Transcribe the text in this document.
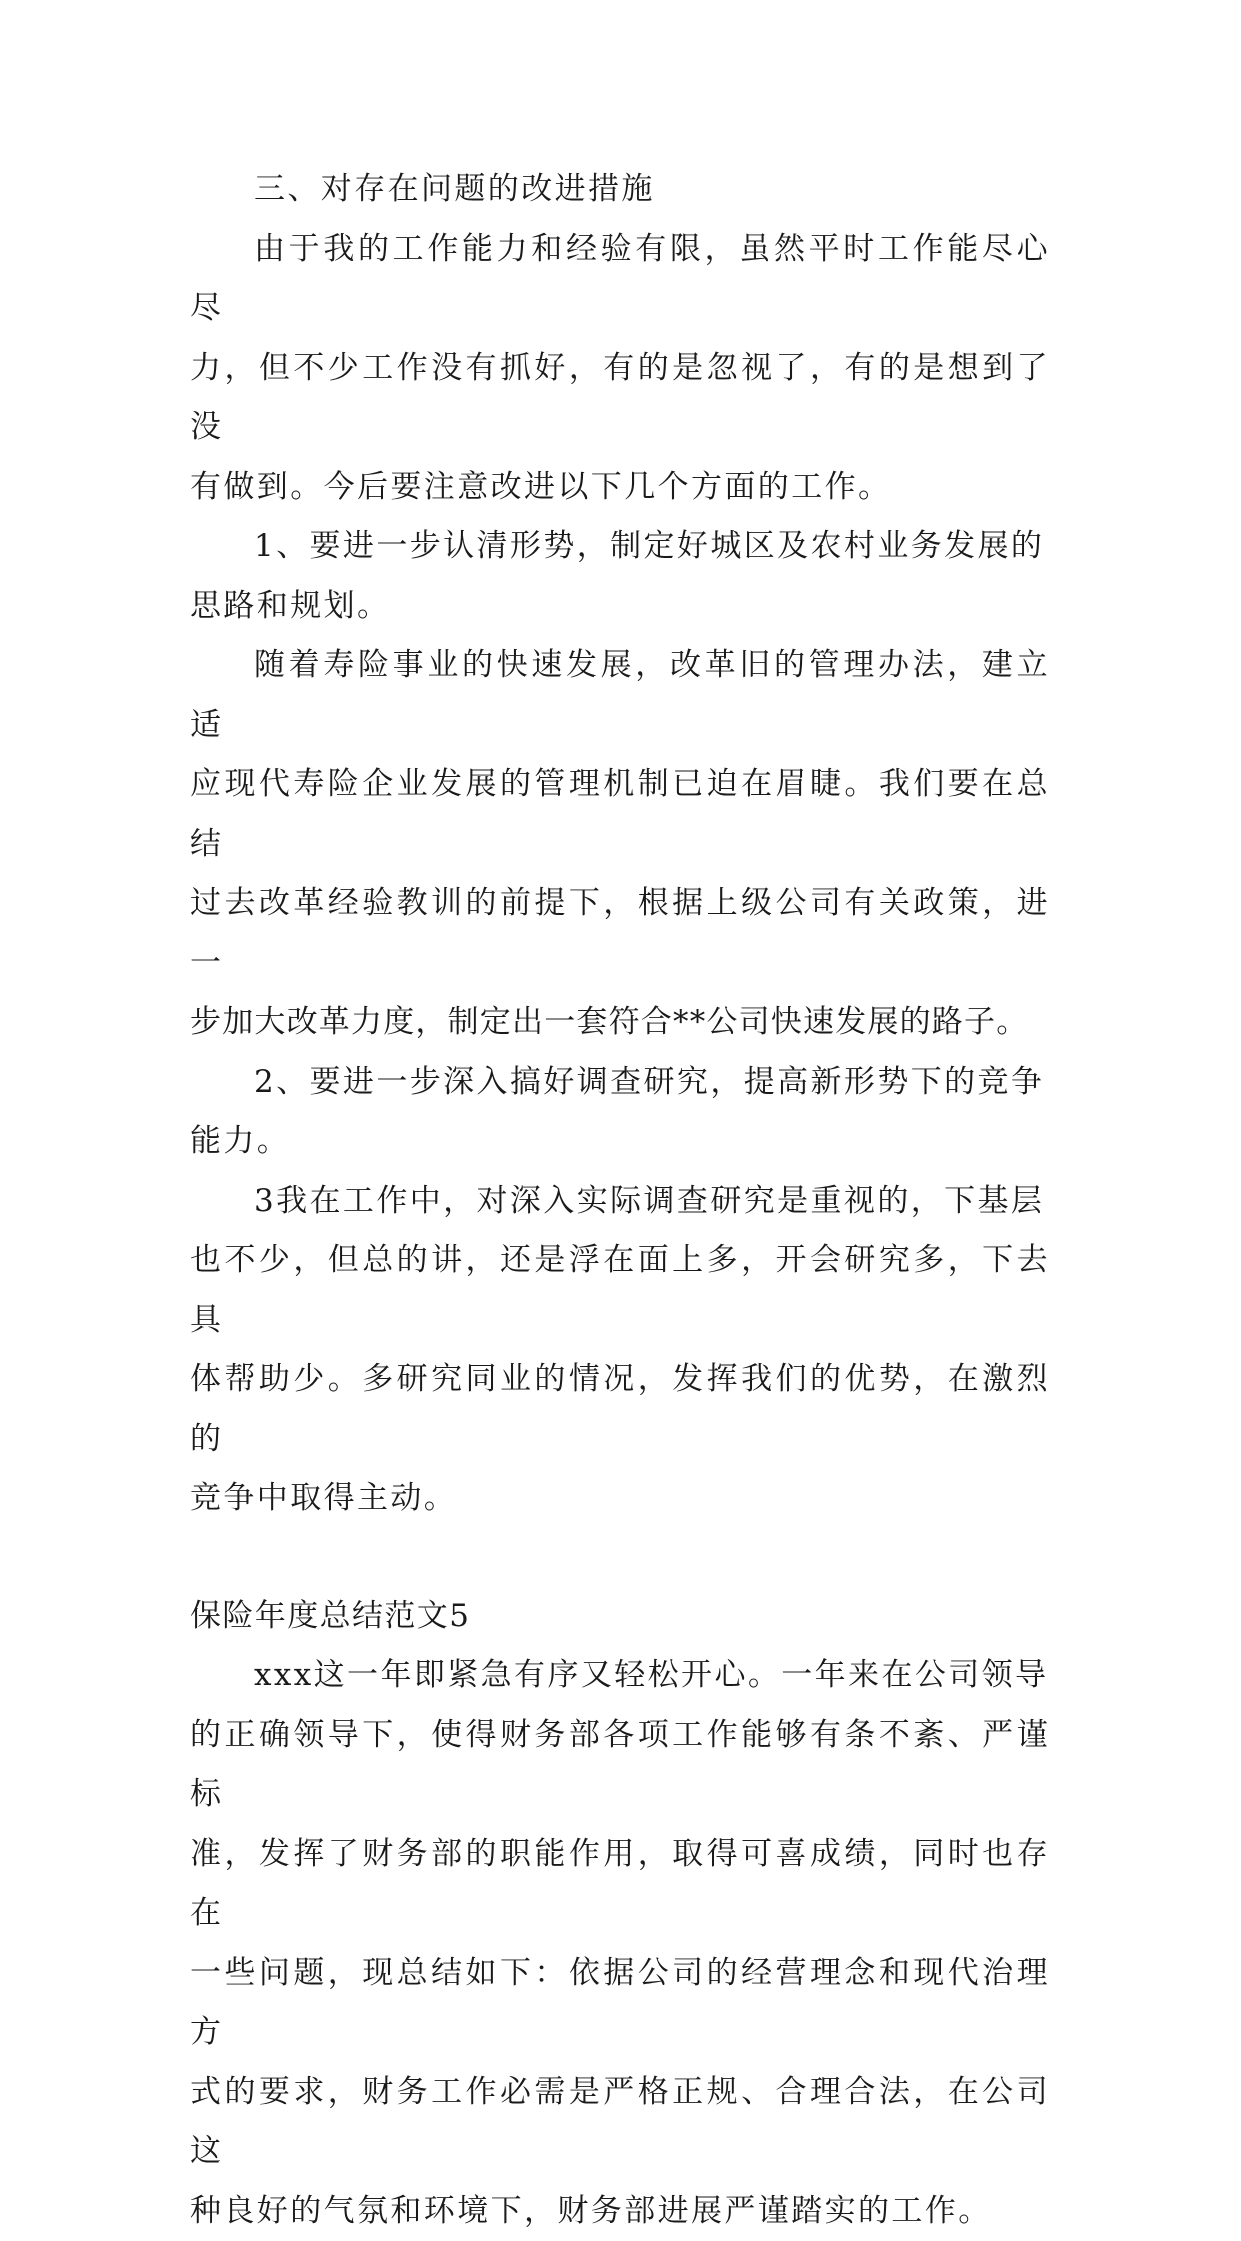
三、对存在问题的改进措施

由于我的工作能力和经验有限，虽然平时工作能尽心尽

力，但不少工作没有抓好，有的是忽视了，有的是想到了没

有做到。今后要注意改进以下几个方面的工作。

1、要进一步认清形势，制定好城区及农村业务发展的

思路和规划。

随着寿险事业的快速发展，改革旧的管理办法，建立适

应现代寿险企业发展的管理机制已迫在眉睫。我们要在总结

过去改革经验教训的前提下，根据上级公司有关政策，进一

步加大改革力度，制定出一套符合**公司快速发展的路子。

2、要进一步深入搞好调查研究，提高新形势下的竞争

能力。

3我在工作中，对深入实际调查研究是重视的，下基层

也不少，但总的讲，还是浮在面上多，开会研究多，下去具

体帮助少。多研究同业的情况，发挥我们的优势，在激烈的

竞争中取得主动。

保险年度总结范文5

xxx这一年即紧急有序又轻松开心。一年来在公司领导

的正确领导下，使得财务部各项工作能够有条不紊、严谨标

准，发挥了财务部的职能作用，取得可喜成绩，同时也存在

一些问题，现总结如下：依据公司的经营理念和现代治理方

式的要求，财务工作必需是严格正规、合理合法，在公司这

种良好的气氛和环境下，财务部进展严谨踏实的工作。
